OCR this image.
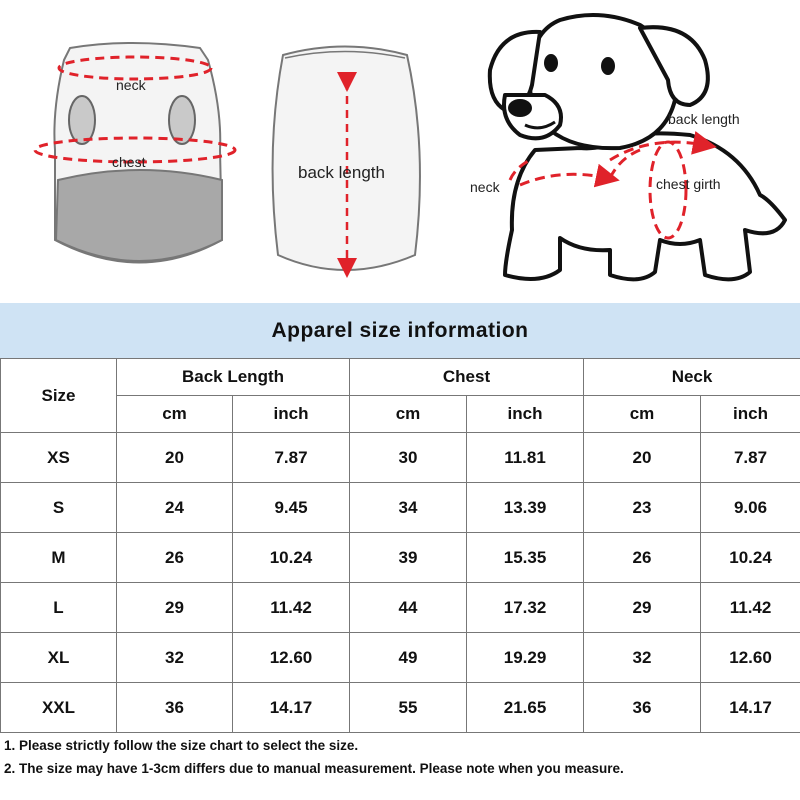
neck
chest
back length
back length
neck	chest girth
Apparel size information
Size	Back Length		Chest		Neck	
	cm	inch	cm	inch	cm	inch
XS	20	7.87	30	11.81	20	7.87
S	24	9.45	34	13.39	23	9.06
M	26	10.24	39	15.35	26	10.24
L	29	11.42	44	17.32	29	11.42
XL	32	12.60	49	19.29	32	12.60
XXL	36	14.17	55	21.65	36	14.17
1. Please strictly follow the size chart to select the size.
2. The size may have 1-3cm differs due to manual measurement. Please note when you measure.
